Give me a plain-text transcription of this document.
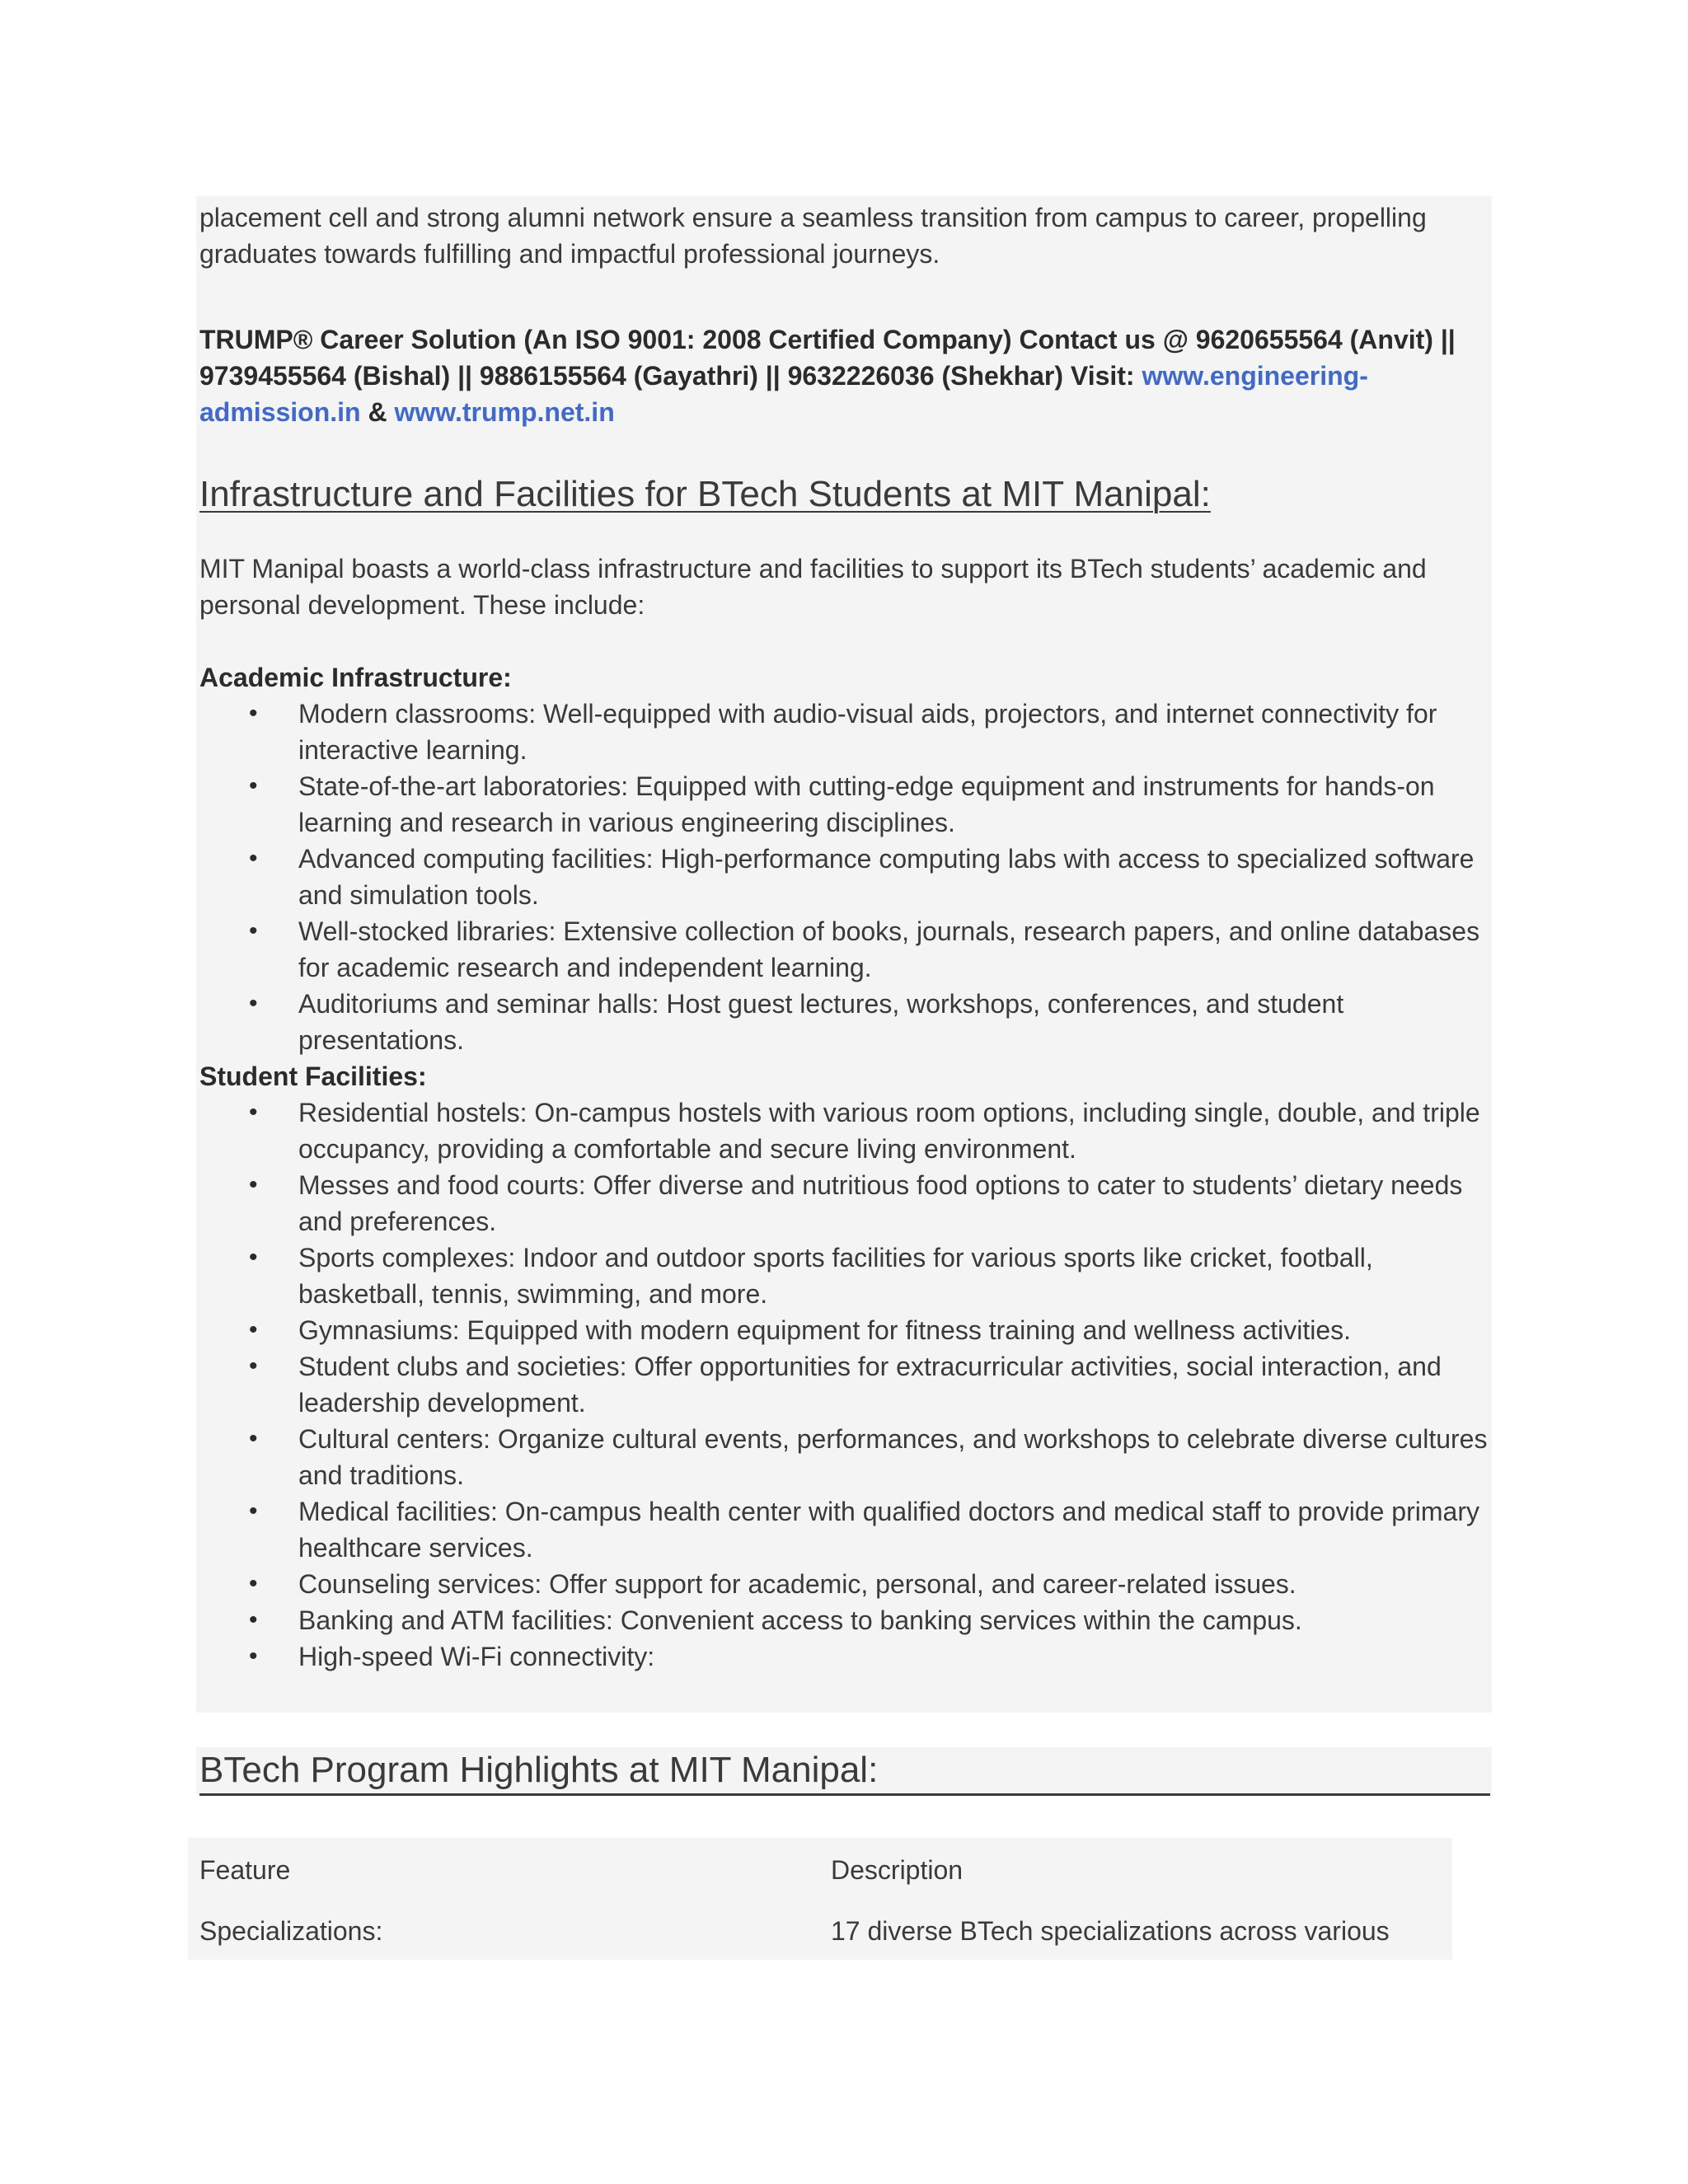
placement cell and strong alumni network ensure a seamless transition from campus to career, propelling graduates towards fulfilling and impactful professional journeys.

TRUMP® Career Solution (An ISO 9001: 2008 Certified Company) Contact us @ 9620655564 (Anvit) || 9739455564 (Bishal) || 9886155564 (Gayathri) || 9632226036 (Shekhar) Visit: www.engineering-admission.in & www.trump.net.in

Infrastructure and Facilities for BTech Students at MIT Manipal:

MIT Manipal boasts a world-class infrastructure and facilities to support its BTech students’ academic and personal development. These include:

Academic Infrastructure:

• Modern classrooms: Well-equipped with audio-visual aids, projectors, and internet connectivity for interactive learning.
• State-of-the-art laboratories: Equipped with cutting-edge equipment and instruments for hands-on learning and research in various engineering disciplines.
• Advanced computing facilities: High-performance computing labs with access to specialized software and simulation tools.
• Well-stocked libraries: Extensive collection of books, journals, research papers, and online databases for academic research and independent learning.
• Auditoriums and seminar halls: Host guest lectures, workshops, conferences, and student presentations.

Student Facilities:

• Residential hostels: On-campus hostels with various room options, including single, double, and triple occupancy, providing a comfortable and secure living environment.
• Messes and food courts: Offer diverse and nutritious food options to cater to students’ dietary needs and preferences.
• Sports complexes: Indoor and outdoor sports facilities for various sports like cricket, football, basketball, tennis, swimming, and more.
• Gymnasiums: Equipped with modern equipment for fitness training and wellness activities.
• Student clubs and societies: Offer opportunities for extracurricular activities, social interaction, and leadership development.
• Cultural centers: Organize cultural events, performances, and workshops to celebrate diverse cultures and traditions.
• Medical facilities: On-campus health center with qualified doctors and medical staff to provide primary healthcare services.
• Counseling services: Offer support for academic, personal, and career-related issues.
• Banking and ATM facilities: Convenient access to banking services within the campus.
• High-speed Wi-Fi connectivity:
BTech Program Highlights at MIT Manipal:
Feature	Description
Specializations:	17 diverse BTech specializations across various
